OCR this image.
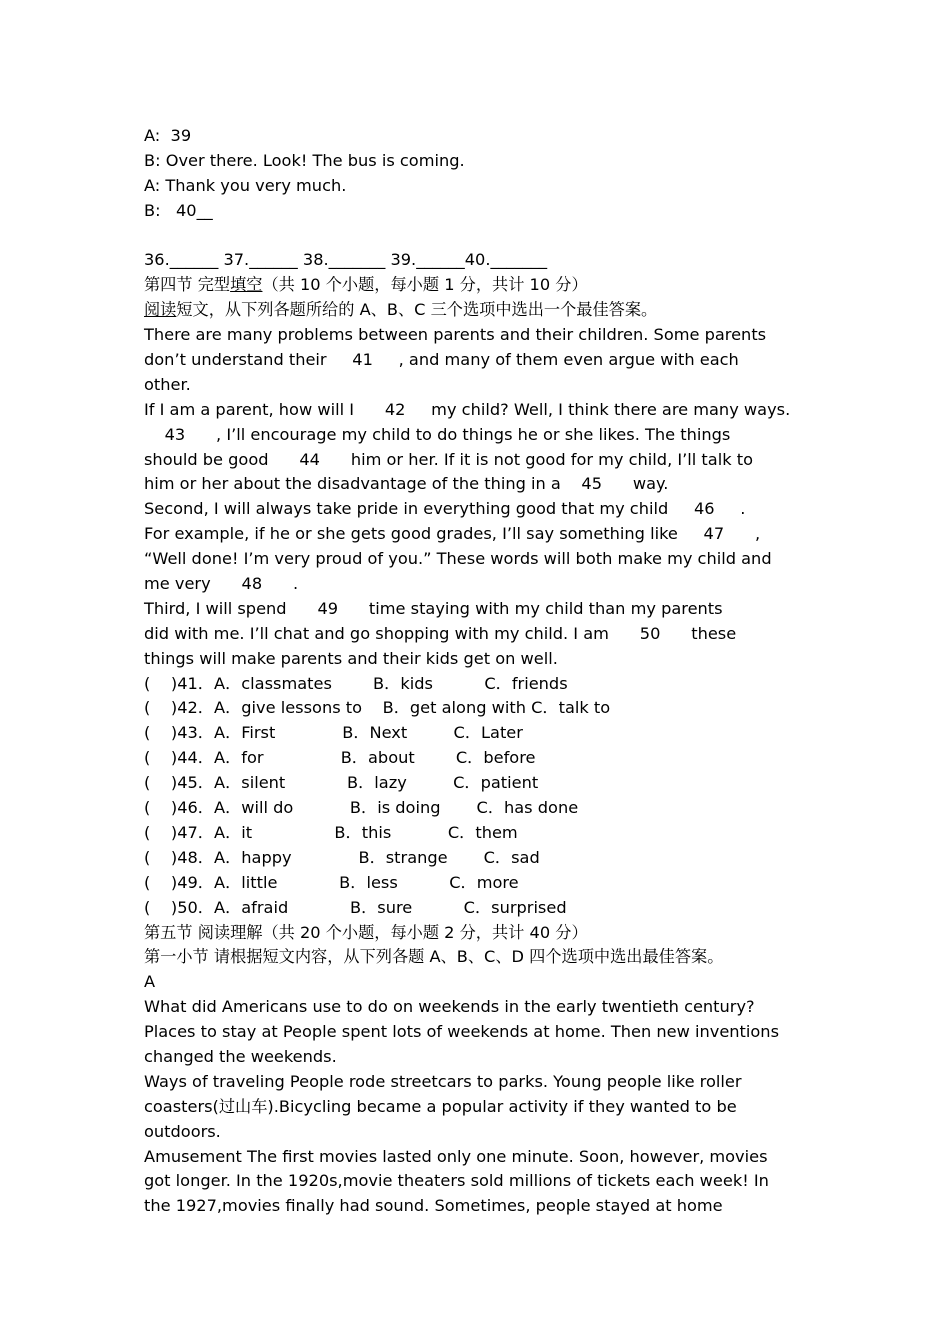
A:  39
B: Over there. Look! The bus is coming.
A: Thank you very much.
B:   40__
36.______ 37.______ 38._______ 39.______40._______
第四节 完型填空（共 10 个小题，每小题 1 分，共计 10 分）
阅读短文，从下列各题所给的 A、B、C 三个选项中选出一个最佳答案。
There are many problems between parents and their children. Some parents
don’t understand their     41     , and many of them even argue with each
other.
If I am a parent, how will I      42     my child? Well, I think there are many ways.
43      , I’ll encourage my child to do things he or she likes. The things
should be good      44      him or her. If it is not good for my child, I’ll talk to
him or her about the disadvantage of the thing in a    45      way.
Second, I will always take pride in everything good that my child     46     .
For example, if he or she gets good grades, I’ll say something like     47      ,
“Well done! I’m very proud of you.” These words will both make my child and
me very      48      .
Third, I will spend      49      time staying with my child than my parents
did with me. I’ll chat and go shopping with my child. I am      50      these
things will make parents and their kids get on well.
(    )41．A．classmates        B．kids          C．friends
(    )42．A．give lessons to    B．get along with C．talk to
(    )43．A．First             B．Next         C．Later
(    )44．A．for               B．about        C．before
(    )45．A．silent            B．lazy         C．patient
(    )46．A．will do           B．is doing       C．has done
(    )47．A．it                B．this           C．them
(    )48．A．happy             B．strange       C．sad
(    )49．A．little            B．less          C．more
(    )50．A．afraid            B．sure          C．surprised
第五节 阅读理解（共 20 个小题，每小题 2 分，共计 40 分）
第一小节 请根据短文内容，从下列各题 A、B、C、D 四个选项中选出最佳答案。
A
What did Americans use to do on weekends in the early twentieth century?
Places to stay at People spent lots of weekends at home. Then new inventions
changed the weekends.
Ways of traveling People rode streetcars to parks. Young people like roller
coasters(过山车).Bicycling became a popular activity if they wanted to be
outdoors.
Amusement The first movies lasted only one minute. Soon, however, movies
got longer. In the 1920s,movie theaters sold millions of tickets each week! In
the 1927,movies finally had sound. Sometimes, people stayed at home
